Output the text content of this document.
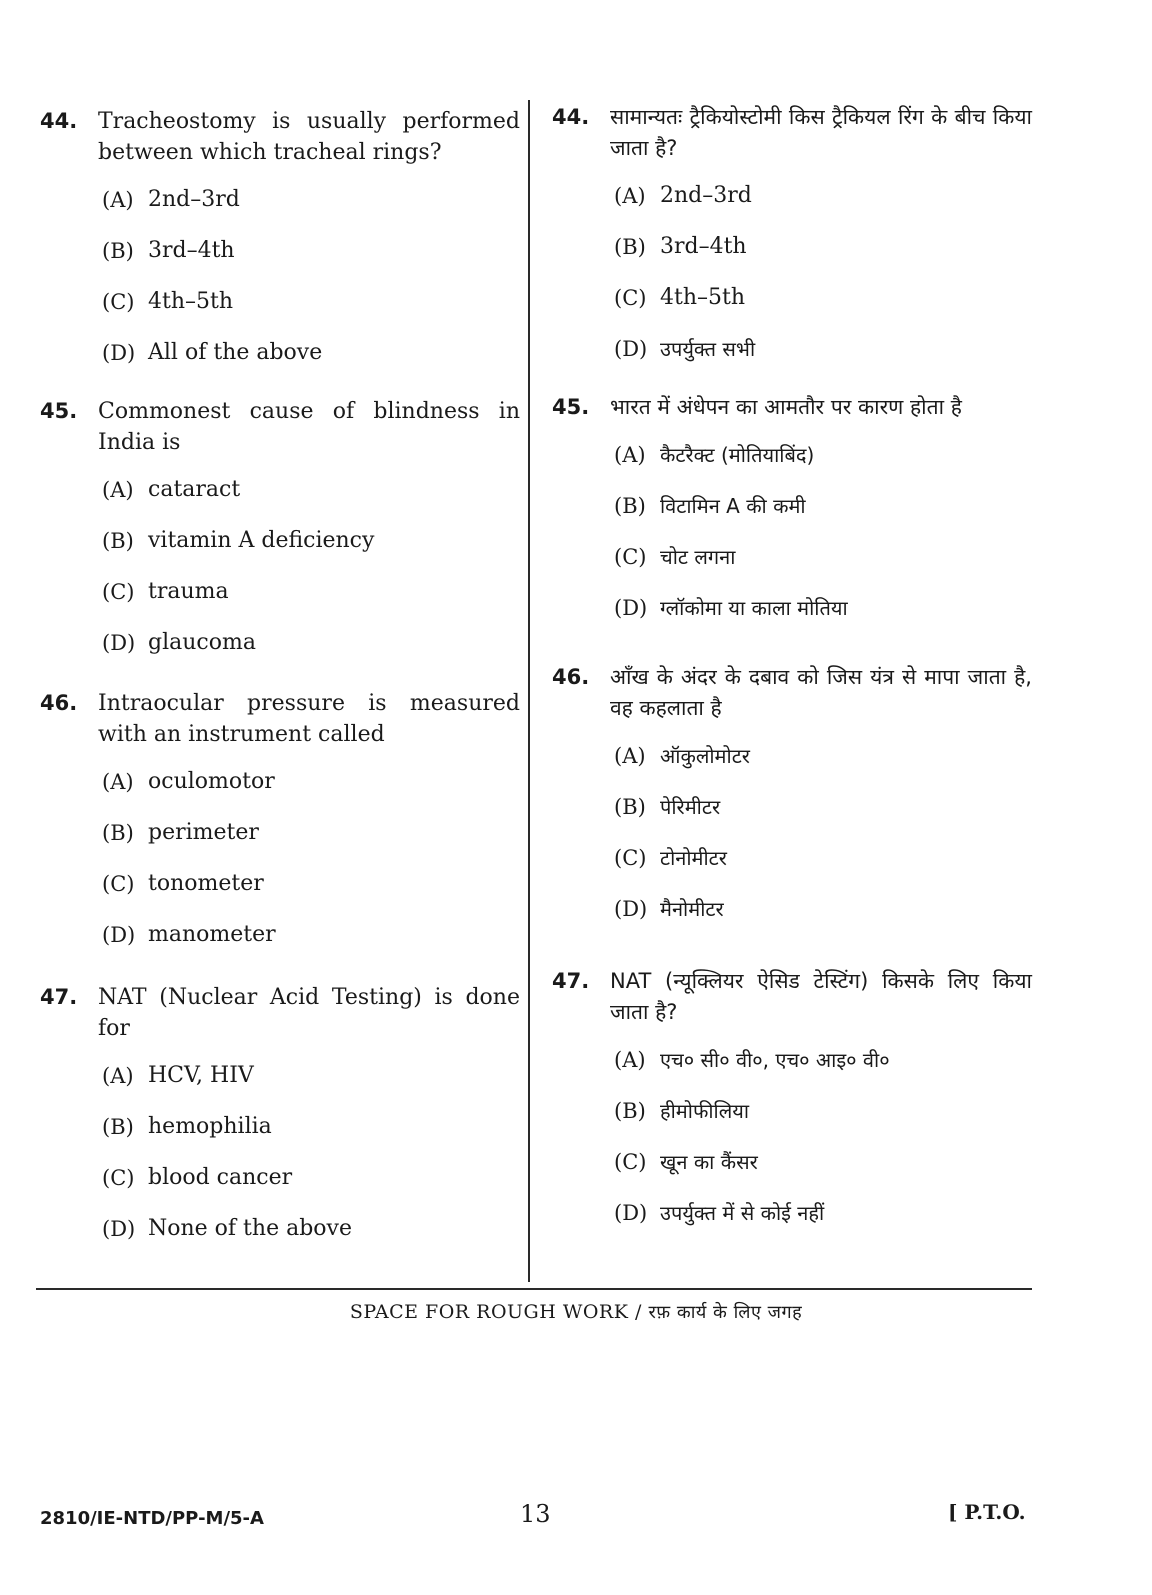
44. Tracheostomy is usually performed between which tracheal rings?
(A) 2nd–3rd
(B) 3rd–4th
(C) 4th–5th
(D) All of the above
45. Commonest cause of blindness in India is
(A) cataract
(B) vitamin A deficiency
(C) trauma
(D) glaucoma
46. Intraocular pressure is measured with an instrument called
(A) oculomotor
(B) perimeter
(C) tonometer
(D) manometer
47. NAT (Nuclear Acid Testing) is done for
(A) HCV, HIV
(B) hemophilia
(C) blood cancer
(D) None of the above
44. सामान्यतः ट्रैकियोस्टोमी किस ट्रैकियल रिंग के बीच किया जाता है?
(A) 2nd–3rd
(B) 3rd–4th
(C) 4th–5th
(D) उपर्युक्त सभी
45. भारत में अंधेपन का आमतौर पर कारण होता है
(A) कैटरैक्ट (मोतियाबिंद)
(B) विटामिन A की कमी
(C) चोट लगना
(D) ग्लॉकोमा या काला मोतिया
46. आँख के अंदर के दबाव को जिस यंत्र से मापा जाता है, वह कहलाता है
(A) ऑकुलोमोटर
(B) पेरिमीटर
(C) टोनोमीटर
(D) मैनोमीटर
47. NAT (न्यूक्लियर ऐसिड टेस्टिंग) किसके लिए किया जाता है?
(A) एच० सी० वी०, एच० आइ० वी०
(B) हीमोफीलिया
(C) खून का कैंसर
(D) उपर्युक्त में से कोई नहीं
SPACE FOR ROUGH WORK / रफ़ कार्य के लिए जगह
2810/IE-NTD/PP-M/5-A	13	[ P.T.O.
